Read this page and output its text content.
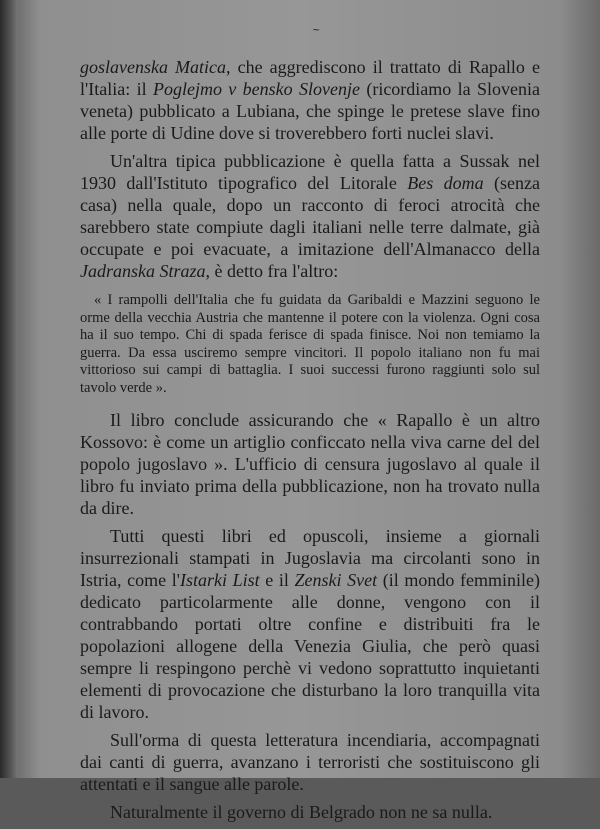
~

goslavenska Matica, che aggrediscono il trattato di Rapallo e l'Italia: il Poglejmo v bensko Slovenje (ricordiamo la Slovenia veneta) pubblicato a Lubiana, che spinge le pretese slave fino alle porte di Udine dove si troverebbero forti nuclei slavi.

Un'altra tipica pubblicazione è quella fatta a Sussak nel 1930 dall'Istituto tipografico del Litorale Bes doma (senza casa) nella quale, dopo un racconto di feroci atrocità che sarebbero state compiute dagli italiani nelle terre dalmate, già occupate e poi evacuate, a imitazione dell'Almanacco della Jadranska Straza, è detto fra l'altro:

« I rampolli dell'Italia che fu guidata da Garibaldi e Mazzini seguono le orme della vecchia Austria che mantenne il potere con la violenza. Ogni cosa ha il suo tempo. Chi di spada ferisce di spada finisce. Noi non temiamo la guerra. Da essa usciremo sempre vincitori. Il popolo italiano non fu mai vittorioso sui campi di battaglia. I suoi successi furono raggiunti solo sul tavolo verde ».

Il libro conclude assicurando che « Rapallo è un altro Kossovo: è come un artiglio conficcato nella viva carne del del popolo jugoslavo ». L'ufficio di censura jugoslavo al quale il libro fu inviato prima della pubblicazione, non ha trovato nulla da dire.

Tutti questi libri ed opuscoli, insieme a giornali insurrezionali stampati in Jugoslavia ma circolanti sono in Istria, come l'Istarki List e il Zenski Svet (il mondo femminile) dedicato particolarmente alle donne, vengono con il contrabbando portati oltre confine e distribuiti fra le popolazioni allogene della Venezia Giulia, che però quasi sempre li respingono perchè vi vedono soprattutto inquietanti elementi di provocazione che disturbano la loro tranquilla vita di lavoro.

Sull'orma di questa letteratura incendiaria, accompagnati dai canti di guerra, avanzano i terroristi che sostituiscono gli attentati e il sangue alle parole.

Naturalmente il governo di Belgrado non ne sa nulla.
